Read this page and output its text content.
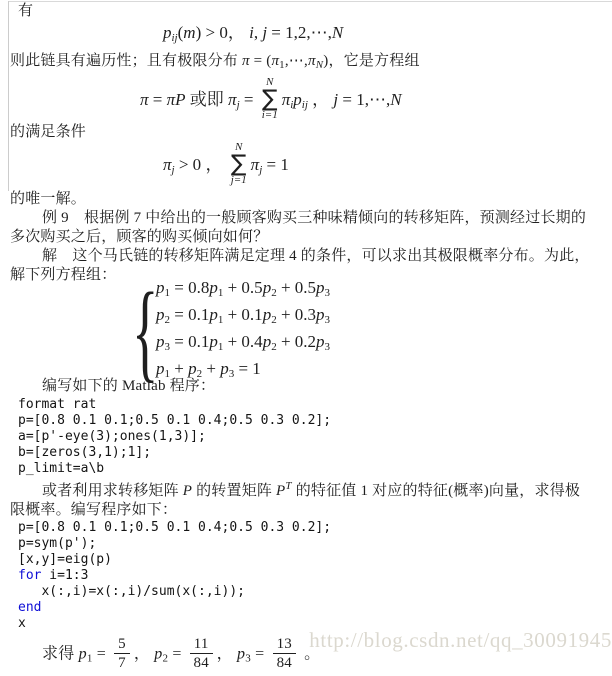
有
pij(m) > 0， i, j = 1,2,⋯,N
则此链具有遍历性；且有极限分布 $\pi = (\pi_1,\cdots,\pi_N)$，它是方程组
π = πP 或即 πj =
N
∑
i=1
πipij ， j = 1,⋯,N
的满足条件
πj > 0 ，
N
∑
j=1
πj = 1
的唯一解。
例 9　根据例 7 中给出的一般顾客购买三种味精倾向的转移矩阵，预测经过长期的
多次购买之后，顾客的购买倾向如何？
解　这个马氏链的转移矩阵满足定理 4 的条件，可以求出其极限概率分布。为此，
解下列方程组： {
p1 = 0.8p1 + 0.5p2 + 0.5p3
p2 = 0.1p1 + 0.1p2 + 0.3p3
p3 = 0.1p1 + 0.4p2 + 0.2p3
p1 + p2 + p3 = 1
编写如下的 Matlab 程序：
format rat
p=[0.8 0.1 0.1;0.5 0.1 0.4;0.5 0.3 0.2];
a=[p'-eye(3);ones(1,3)];
b=[zeros(3,1);1];
p_limit=a\b
或者利用求转移矩阵 P 的转置矩阵 $P^T$ 的特征值 1 对应的特征(概率)向量，求得极
限概率。编写程序如下：
p=[0.8 0.1 0.1;0.5 0.1 0.4;0.5 0.3 0.2];
p=sym(p');
[x,y]=eig(p)
for i=1:3
x(:,i)=x(:,i)/sum(x(:,i));
end
x
求得 $p1 = \frac{5}{7}$ ， $p2 = \frac{11}{84}$ ， $p3 = \frac{13}{84}$ 。
http://blog.csdn.net/qq_30091945
